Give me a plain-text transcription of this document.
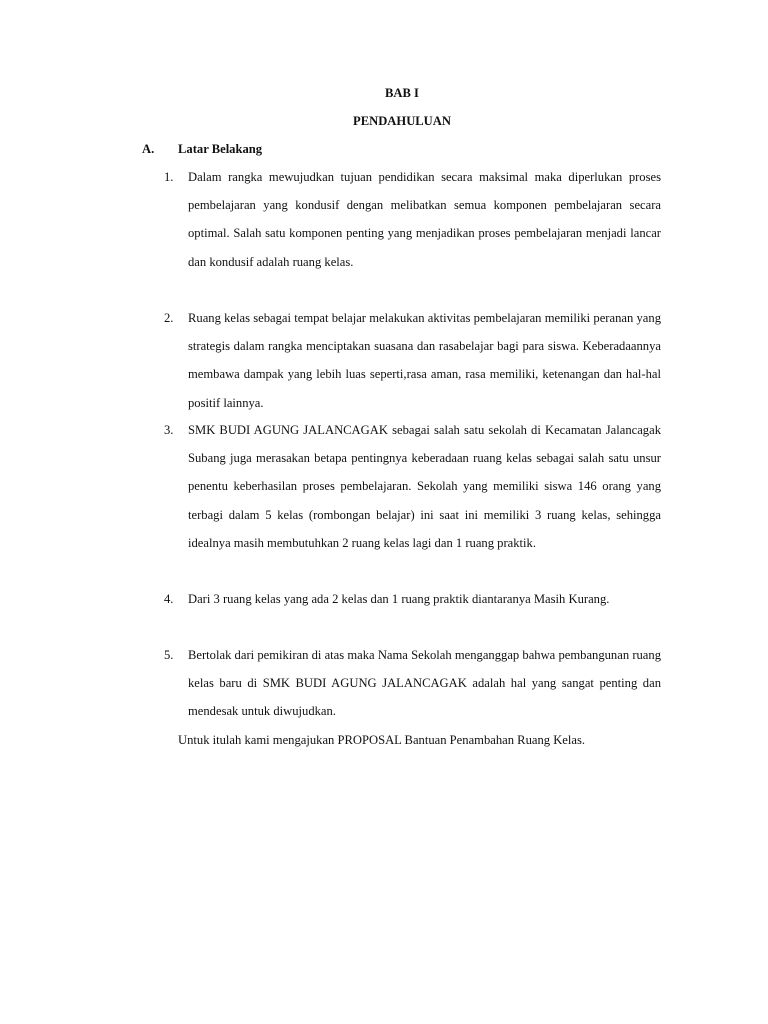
BAB I
PENDAHULUAN
A. Latar Belakang
1. Dalam rangka mewujudkan tujuan pendidikan secara maksimal maka diperlukan proses pembelajaran yang kondusif dengan melibatkan semua komponen pembelajaran secara optimal. Salah satu komponen penting yang menjadikan proses pembelajaran menjadi lancar dan kondusif adalah ruang kelas.
2. Ruang kelas sebagai tempat belajar melakukan aktivitas pembelajaran memiliki peranan yang strategis dalam rangka menciptakan suasana dan rasabelajar bagi para siswa. Keberadaannya membawa dampak yang lebih luas seperti,rasa aman, rasa memiliki, ketenangan dan hal-hal positif lainnya.
3. SMK BUDI AGUNG JALANCAGAK sebagai salah satu sekolah di Kecamatan Jalancagak Subang juga merasakan betapa pentingnya keberadaan ruang kelas sebagai salah satu unsur penentu keberhasilan proses pembelajaran. Sekolah yang memiliki siswa 146 orang yang terbagi dalam 5 kelas (rombongan belajar) ini saat ini memiliki 3 ruang kelas, sehingga idealnya masih membutuhkan 2 ruang kelas lagi dan 1 ruang praktik.
4. Dari 3 ruang kelas yang ada 2 kelas dan 1 ruang praktik diantaranya Masih Kurang.
5. Bertolak dari pemikiran di atas maka Nama Sekolah menganggap bahwa pembangunan ruang kelas baru di SMK BUDI AGUNG JALANCAGAK adalah hal yang sangat penting dan mendesak untuk diwujudkan.
Untuk itulah kami mengajukan PROPOSAL Bantuan Penambahan Ruang Kelas.
